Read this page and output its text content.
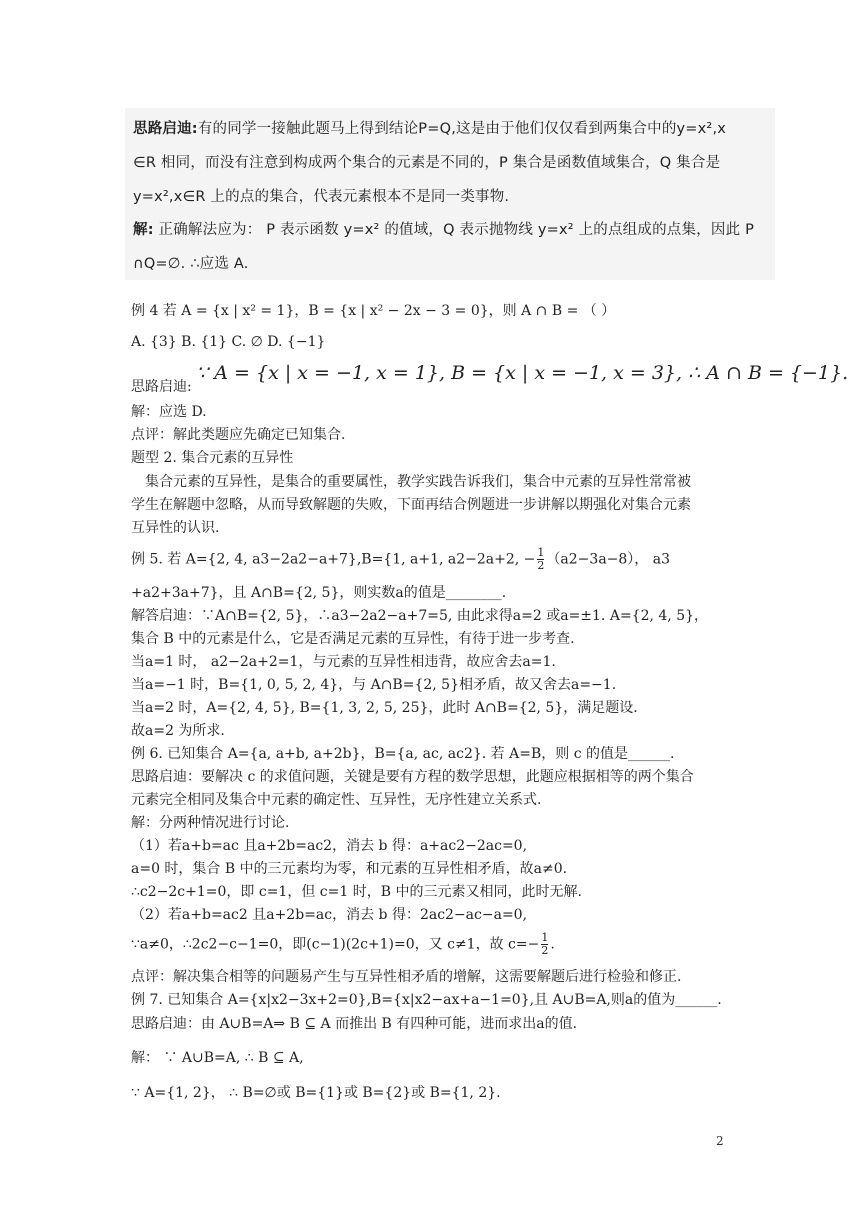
思路启迪:有的同学一接触此题马上得到结论P=Q,这是由于他们仅仅看到两集合中的y=x²,x
∈R 相同，而没有注意到构成两个集合的元素是不同的，P 集合是函数值域集合，Q 集合是
y=x²,x∈R 上的点的集合，代表元素根本不是同一类事物.
解: 正确解法应为： P 表示函数 y=x² 的值域，Q 表示抛物线 y=x² 上的点组成的点集，因此 P
∩Q=∅. ∴应选 A.
例 4 若 A = {x | x² = 1}，B = {x | x² − 2x − 3 = 0}，则 A ∩ B = （ ）
A. {3} B. {1} C. ∅ D. {−1}
思路启迪: ∵ A = {x | x = −1, x = 1}, B = {x | x = −1, x = 3}, ∴ A ∩ B = {−1}.
解：应选 D.
点评：解此类题应先确定已知集合.
题型 2. 集合元素的互异性
集合元素的互异性，是集合的重要属性，教学实践告诉我们，集合中元素的互异性常常被
学生在解题中忽略，从而导致解题的失败，下面再结合例题进一步讲解以期强化对集合元素
互异性的认识.
例 5. 若 A={2, 4, a3−2a2−a+7},B={1, a+1, a2−2a+2, − $\frac{1}{2} (a2-3a-8)$， a3
+a2+3a+7}，且 A∩B={2, 5}，则实数a的值是________.
解答启迪：∵A∩B={2, 5}，∴a3−2a2−a+7=5, 由此求得a=2 或a=±1. A={2, 4, 5}，
集合 B 中的元素是什么，它是否满足元素的互异性，有待于进一步考查.
当a=1 时， a2−2a+2=1，与元素的互异性相违背，故应舍去a=1.
当a=−1 时，B={1, 0, 5, 2, 4}，与 A∩B={2, 5}相矛盾，故又舍去a=−1.
当a=2 时，A={2, 4, 5}, B={1, 3, 2, 5, 25}，此时 A∩B={2, 5}，满足题设.
故a=2 为所求.
例 6. 已知集合 A={a, a+b, a+2b}，B={a, ac, ac2}. 若 A=B，则 c 的值是______.
思路启迪：要解决 c 的求值问题，关键是要有方程的数学思想，此题应根据相等的两个集合
元素完全相同及集合中元素的确定性、互异性，无序性建立关系式.
解：分两种情况进行讨论.
（1）若a+b=ac 且a+2b=ac2，消去 b 得：a+ac2−2ac=0,
a=0 时，集合 B 中的三元素均为零，和元素的互异性相矛盾，故a≠0.
∴c2−2c+1=0，即 c=1，但 c=1 时，B 中的三元素又相同，此时无解.
（2）若a+b=ac2 且a+2b=ac，消去 b 得：2ac2−ac−a=0,
∵a≠0，∴2c2−c−1=0，即(c−1)(2c+1)=0，又 c≠1，故 $c=- \frac{1}{2}$ .
点评：解决集合相等的问题易产生与互异性相矛盾的增解，这需要解题后进行检验和修正.
例 7. 已知集合 A={x|x2−3x+2=0},B={x|x2−ax+a−1=0},且 A∪B=A,则a的值为______.
思路启迪：由 A∪B=A⇒ B ⊆ A 而推出 B 有四种可能，进而求出a的值.
解： ∵ A∪B=A, ∴ B ⊆ A,
∵ A={1, 2}， ∴ B=∅或 B={1}或 B={2}或 B={1, 2}.
2
